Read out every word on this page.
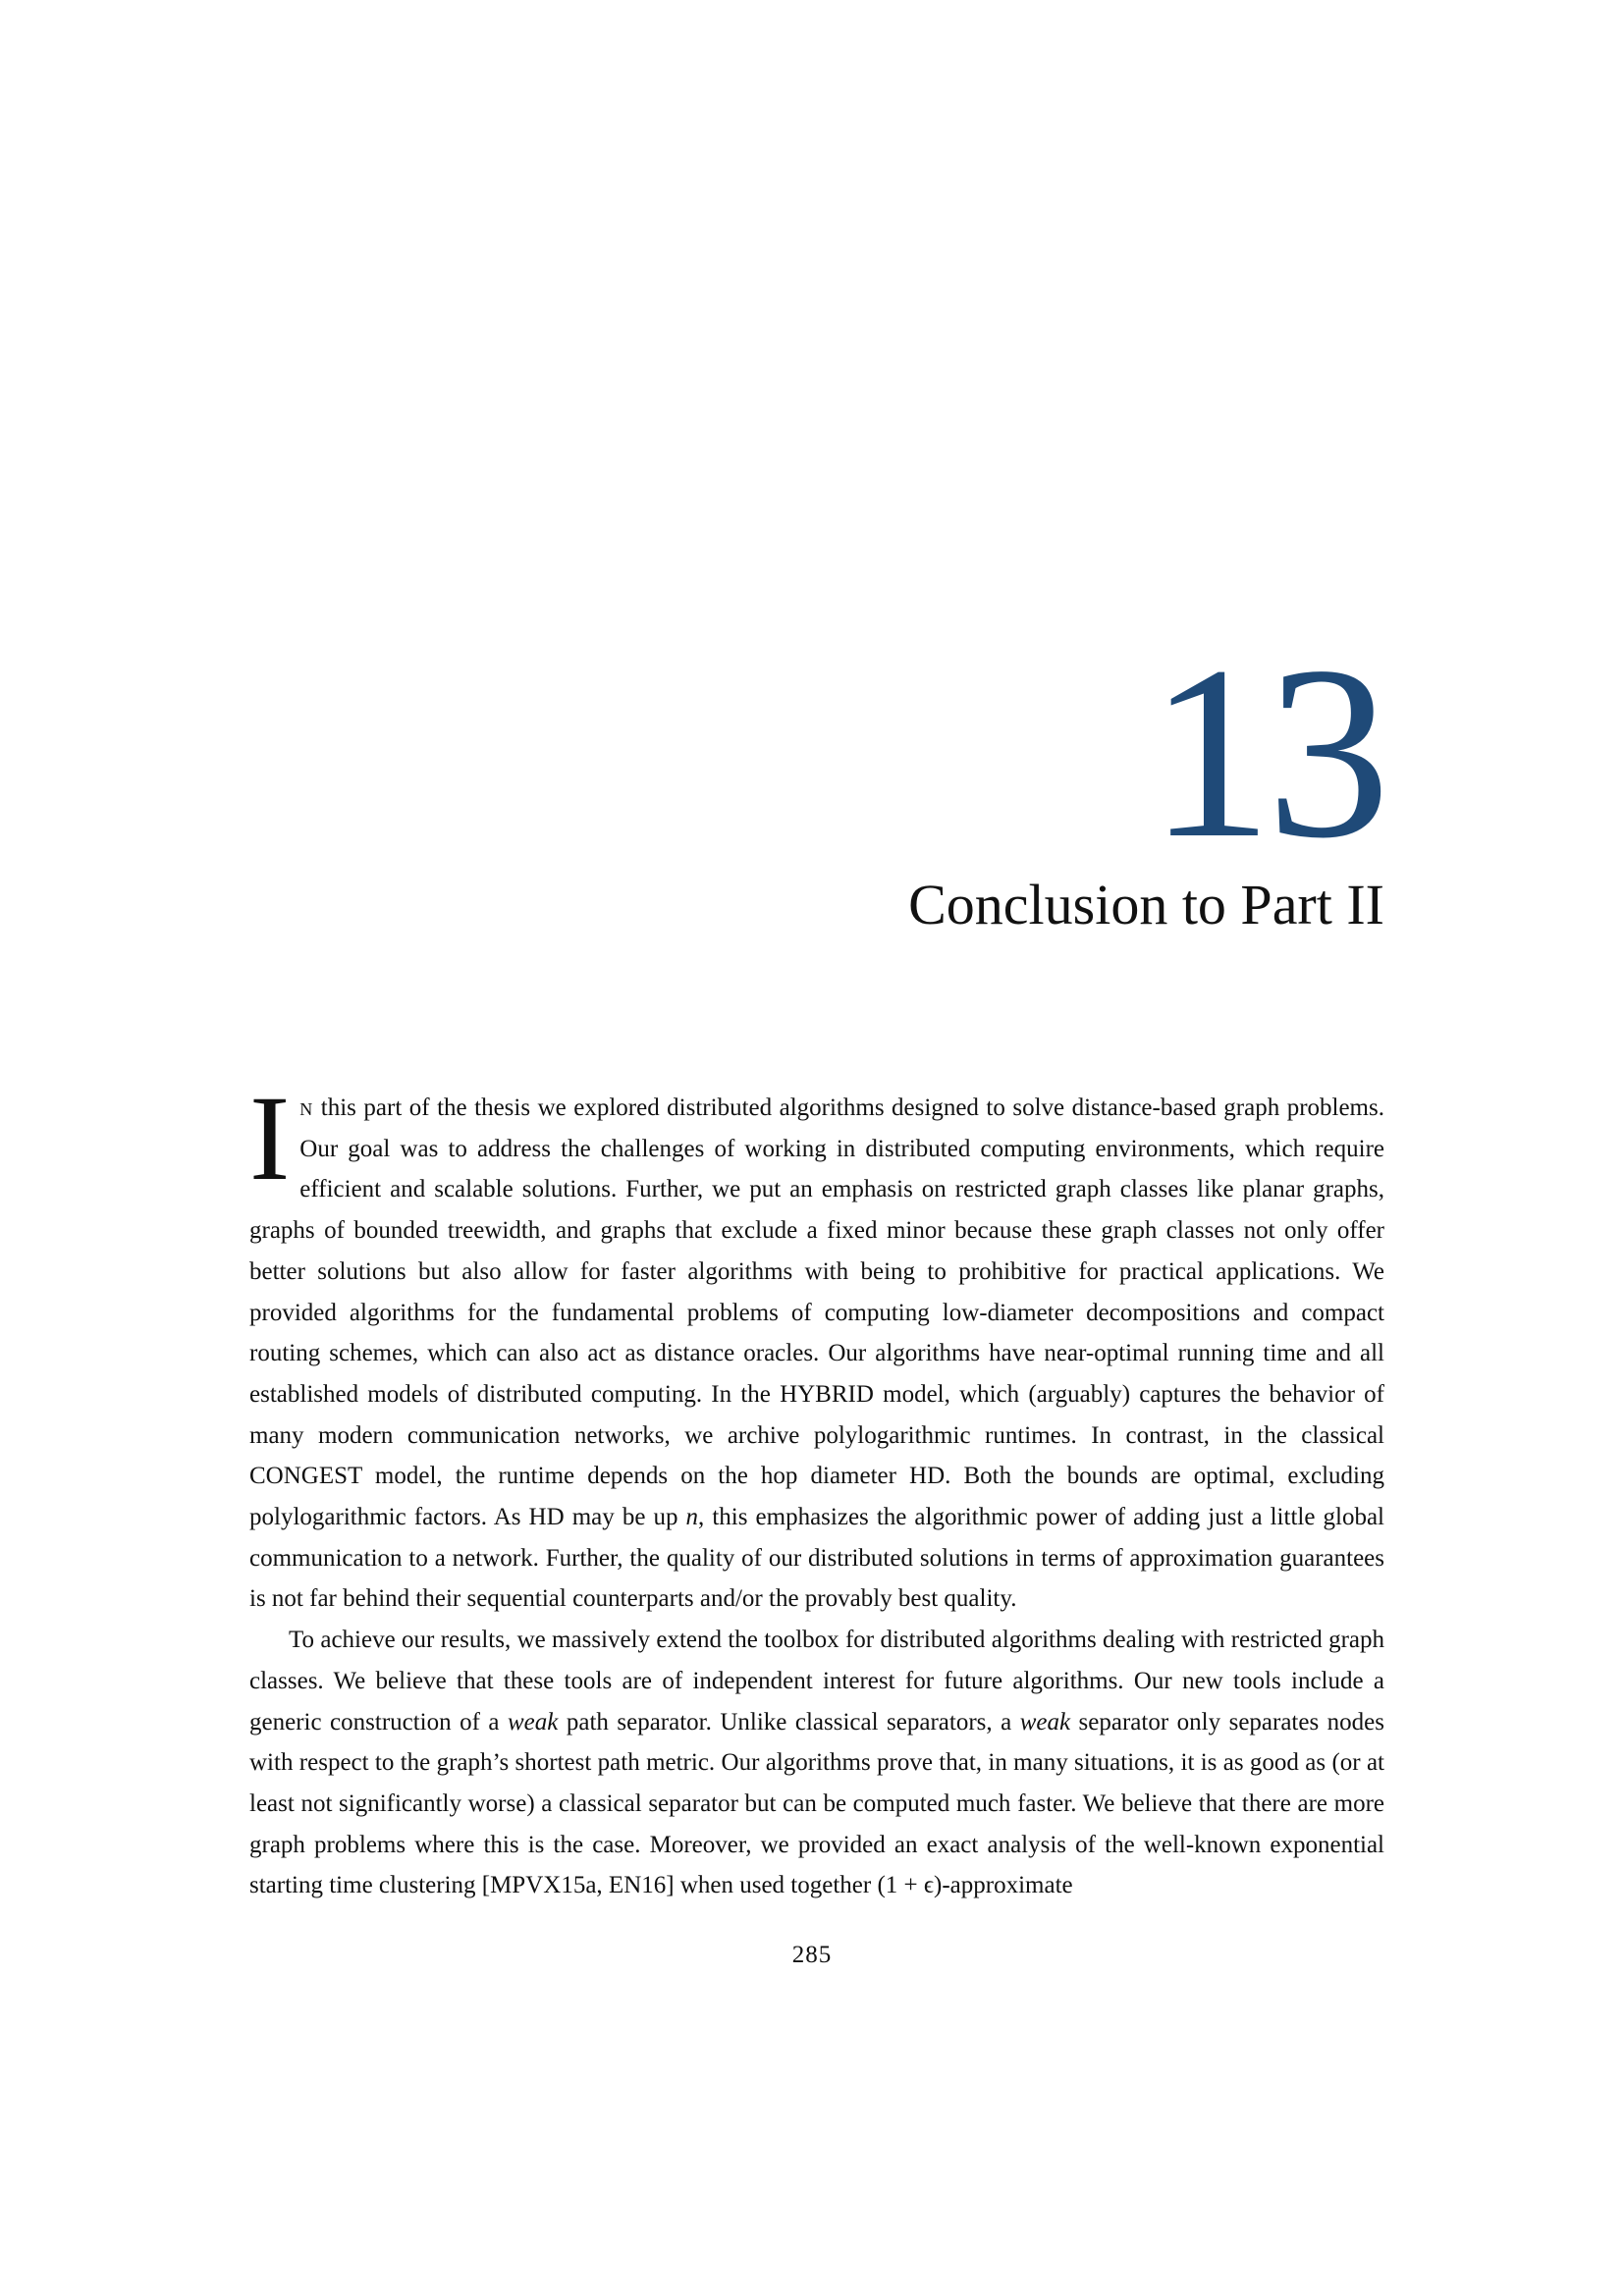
13
Conclusion to Part II

I n this part of the thesis we explored distributed algorithms designed to solve distance-based graph problems. Our goal was to address the challenges of working in distributed computing environments, which require efficient and scalable solutions. Further, we put an emphasis on restricted graph classes like planar graphs, graphs of bounded treewidth, and graphs that exclude a fixed minor because these graph classes not only offer better solutions but also allow for faster algorithms with being to prohibitive for practical applications. We provided algorithms for the fundamental problems of computing low-diameter decompositions and compact routing schemes, which can also act as distance oracles. Our algorithms have near-optimal running time and all established models of distributed computing. In the HYBRID model, which (arguably) captures the behavior of many modern communication networks, we archive polylogarithmic runtimes. In contrast, in the classical CONGEST model, the runtime depends on the hop diameter HD. Both the bounds are optimal, excluding polylogarithmic factors. As HD may be up n, this emphasizes the algorithmic power of adding just a little global communication to a network. Further, the quality of our distributed solutions in terms of approximation guarantees is not far behind their sequential counterparts and/or the provably best quality.

To achieve our results, we massively extend the toolbox for distributed algorithms dealing with restricted graph classes. We believe that these tools are of independent interest for future algorithms. Our new tools include a generic construction of a weak path separator. Unlike classical separators, a weak separator only separates nodes with respect to the graph’s shortest path metric. Our algorithms prove that, in many situations, it is as good as (or at least not significantly worse) a classical separator but can be computed much faster. We believe that there are more graph problems where this is the case. Moreover, we provided an exact analysis of the well-known exponential starting time clustering [MPVX15a, EN16] when used together (1 + ϵ)-approximate

285
